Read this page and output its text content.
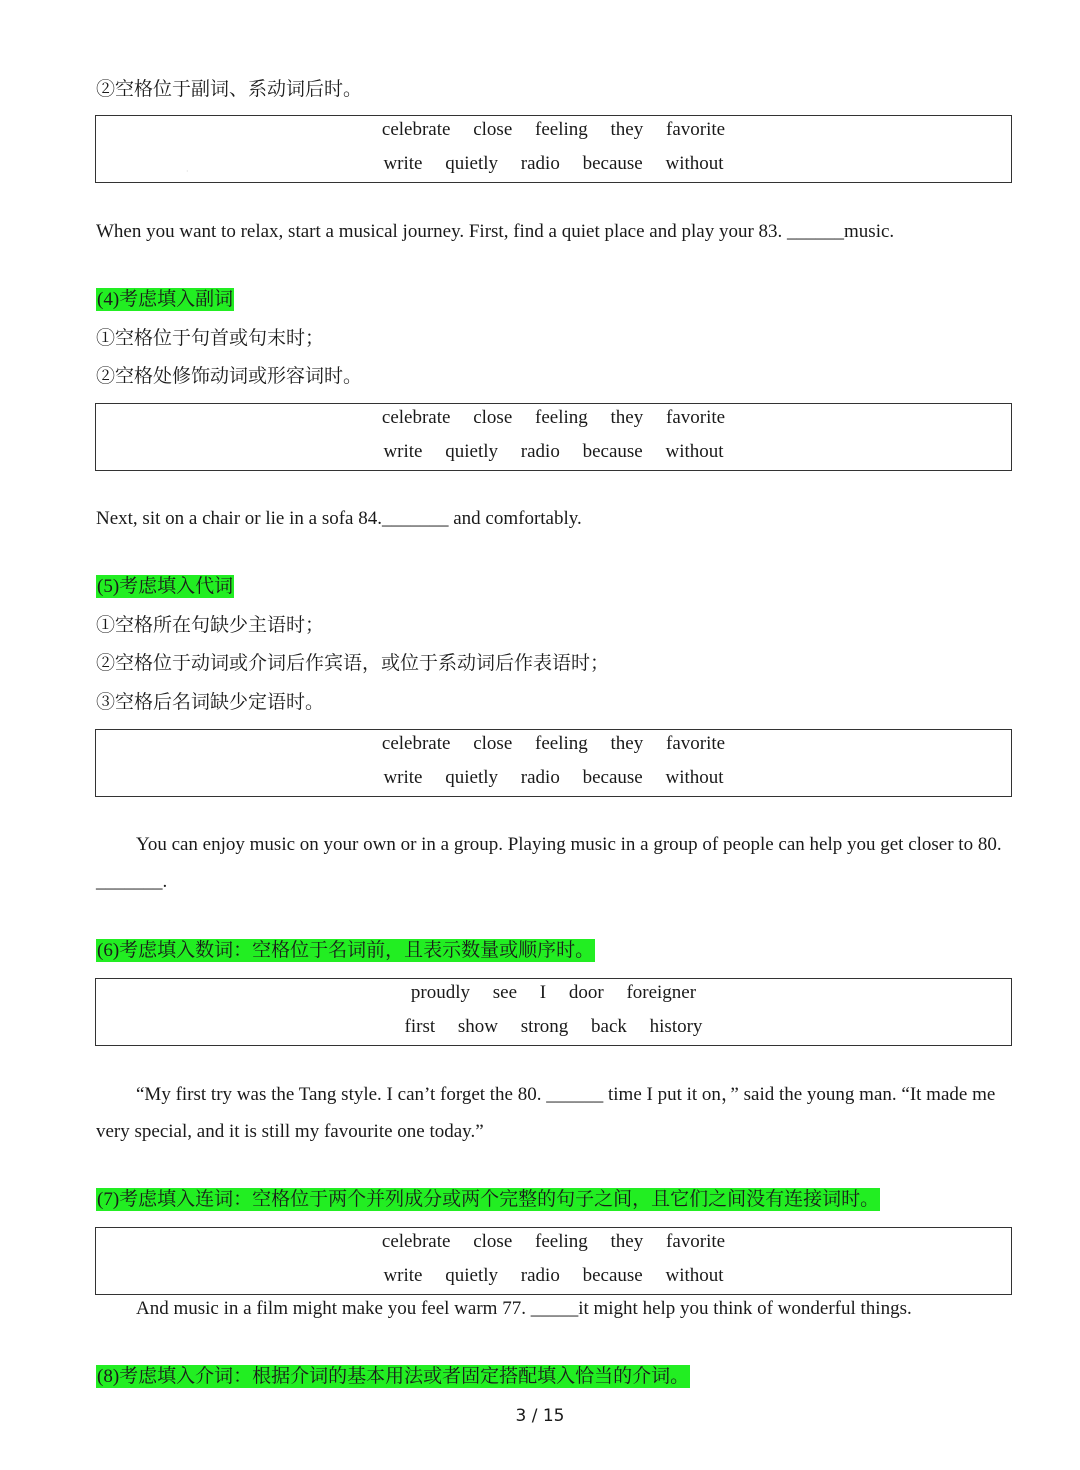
·
②空格位于副词、系动词后时。
celebrate close feeling they favorite
write quietly radio because without
When you want to relax, start a musical journey. First, find a quiet place and play your 83. ______music.
(4)考虑填入副词
①空格位于句首或句末时；
②空格处修饰动词或形容词时。
celebrate close feeling they favorite
write quietly radio because without
Next, sit on a chair or lie in a sofa 84._______ and comfortably.
(5)考虑填入代词
①空格所在句缺少主语时；
②空格位于动词或介词后作宾语，或位于系动词后作表语时；
③空格后名词缺少定语时。
celebrate close feeling they favorite
write quietly radio because without
You can enjoy music on your own or in a group. Playing music in a group of people can help you get closer to 80. _______.
(6)考虑填入数词：空格位于名词前，且表示数量或顺序时。
proudly see I door foreigner
first show strong back history
“My first try was the Tang style. I can’t forget the 80. ______ time I put it on，” said the young man. “It made me very special, and it is still my favourite one today.”
(7)考虑填入连词：空格位于两个并列成分或两个完整的句子之间，且它们之间没有连接词时。
celebrate close feeling they favorite
write quietly radio because without
And music in a film might make you feel warm 77. _____it might help you think of wonderful things.
(8)考虑填入介词：根据介词的基本用法或者固定搭配填入恰当的介词。
3 / 15
